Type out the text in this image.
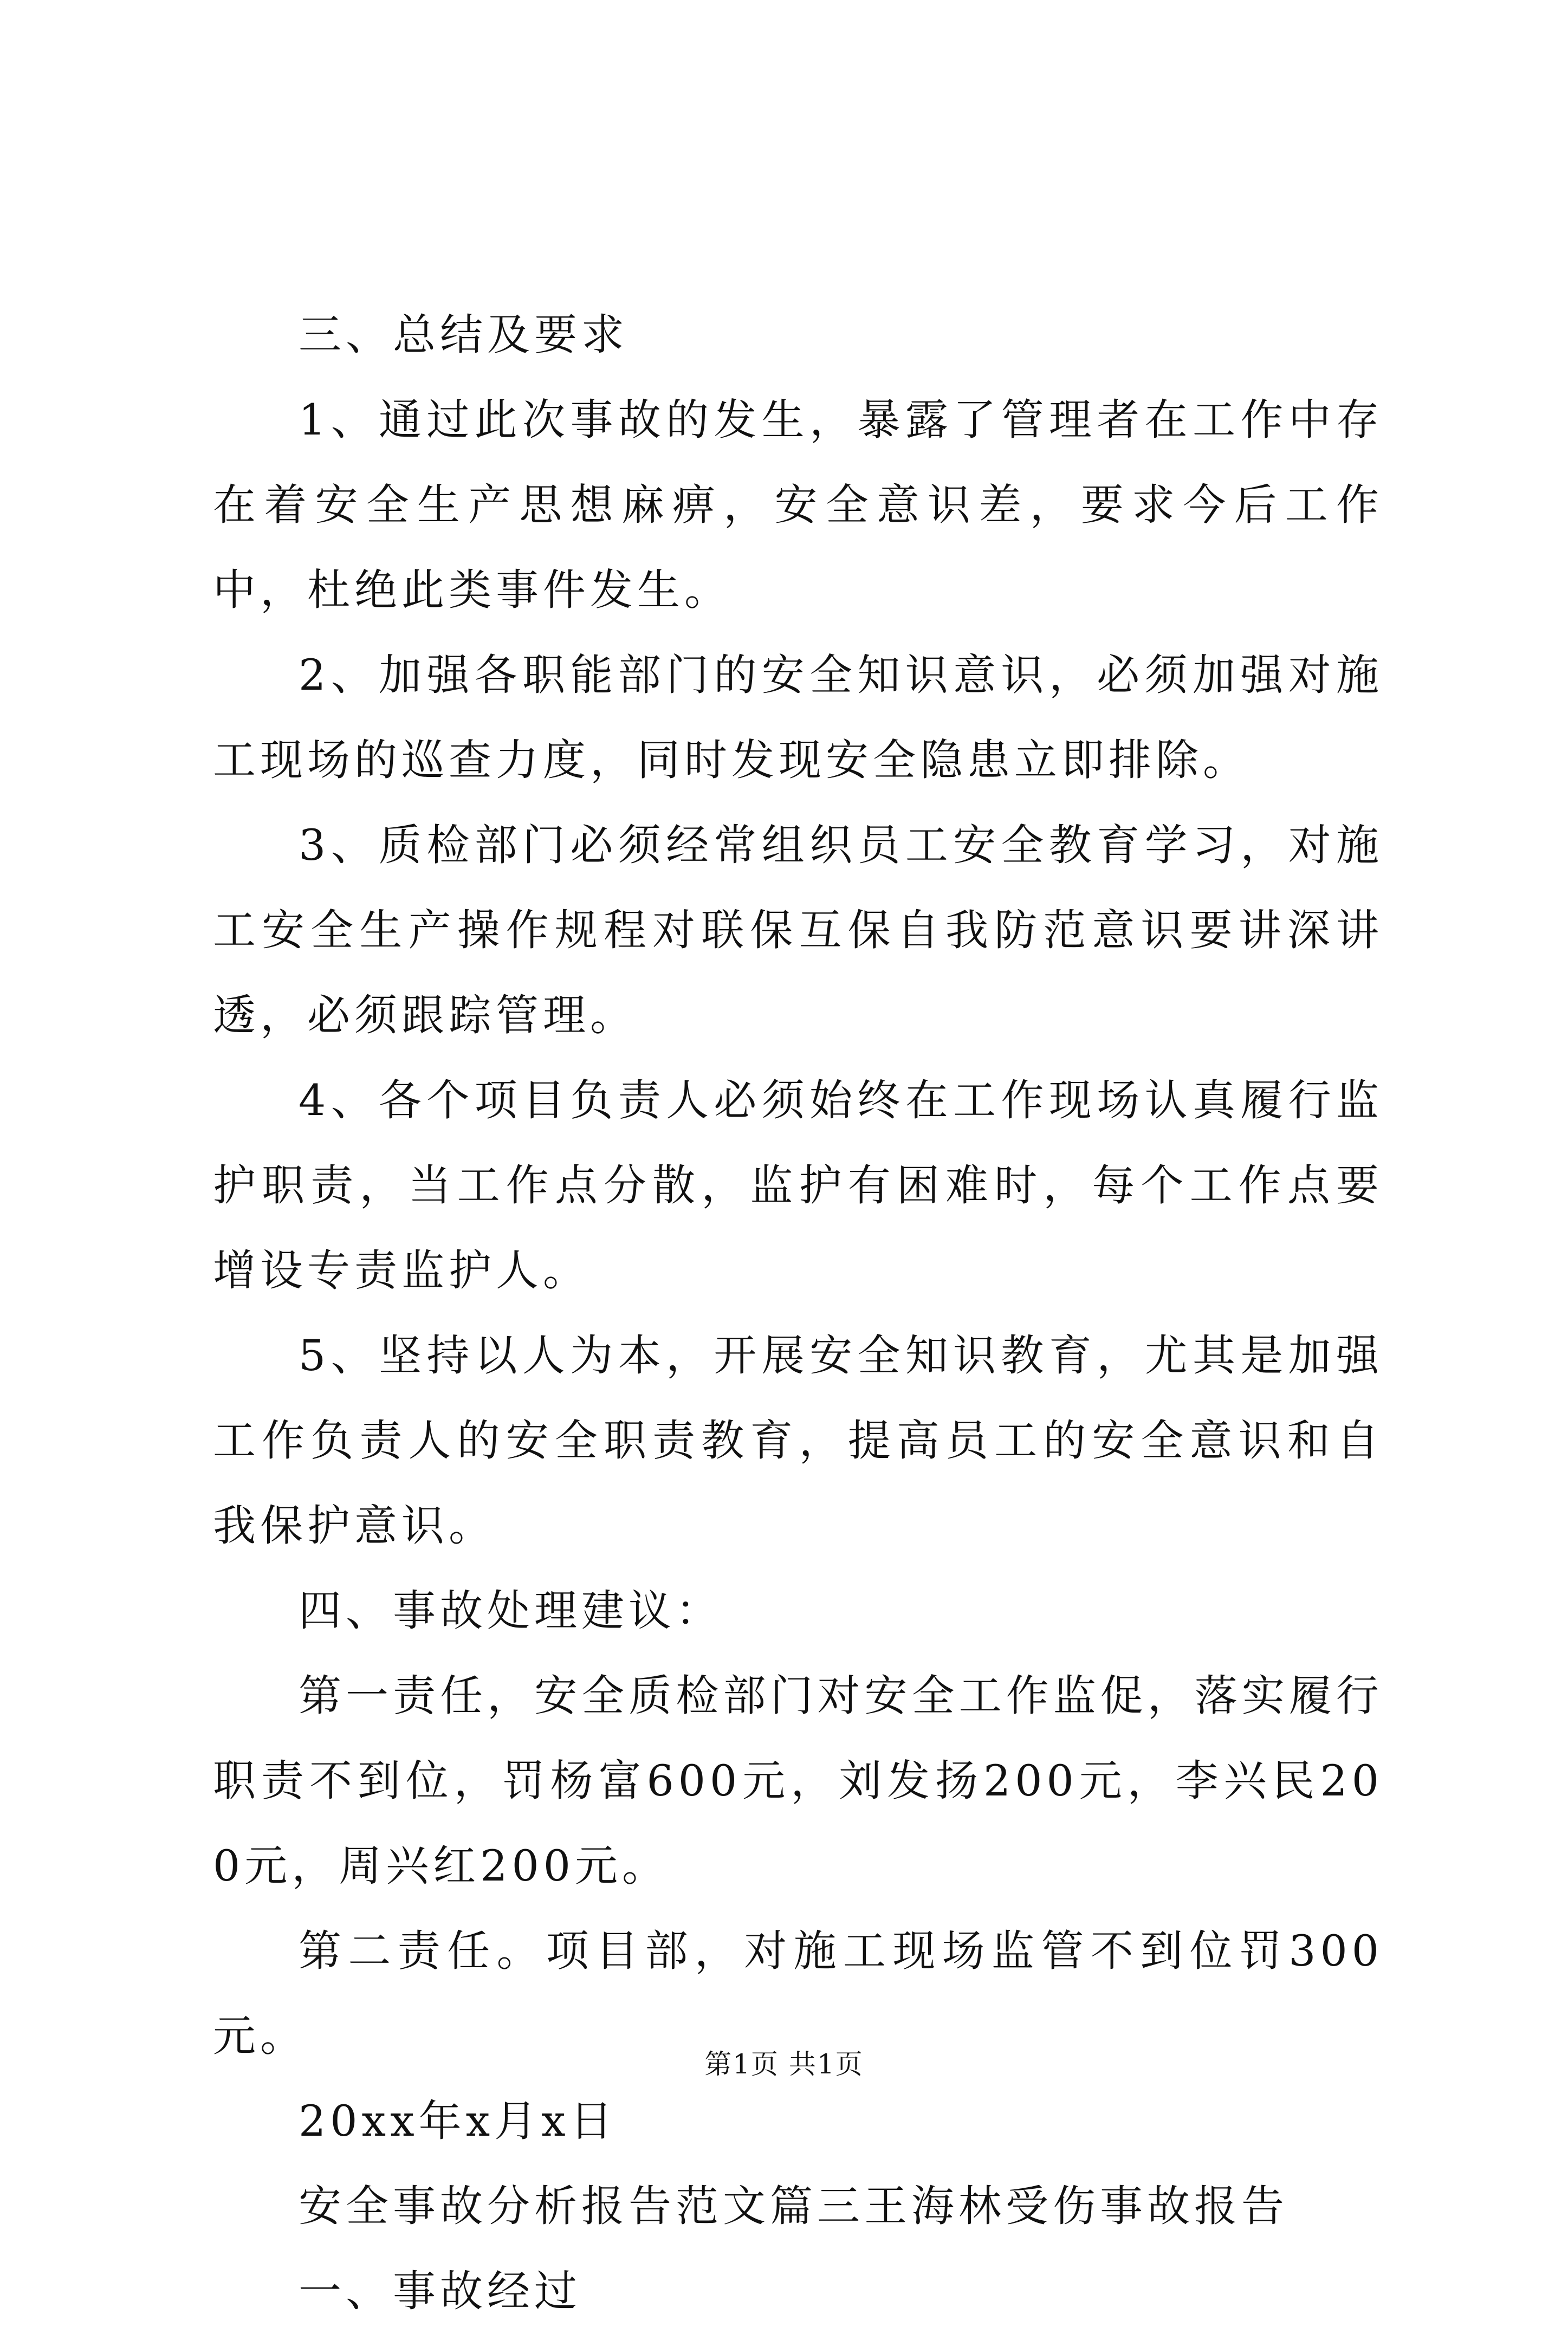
三、总结及要求

1、通过此次事故的发生，暴露了管理者在工作中存在着安全生产思想麻痹，安全意识差，要求今后工作中，杜绝此类事件发生。

2、加强各职能部门的安全知识意识，必须加强对施工现场的巡查力度，同时发现安全隐患立即排除。

3、质检部门必须经常组织员工安全教育学习，对施工安全生产操作规程对联保互保自我防范意识要讲深讲透，必须跟踪管理。

4、各个项目负责人必须始终在工作现场认真履行监护职责，当工作点分散，监护有困难时，每个工作点要增设专责监护人。

5、坚持以人为本，开展安全知识教育，尤其是加强工作负责人的安全职责教育，提高员工的安全意识和自我保护意识。

四、事故处理建议：

第一责任，安全质检部门对安全工作监促，落实履行职责不到位，罚杨富600元，刘发扬200元，李兴民200元，周兴红200元。

第二责任。项目部，对施工现场监管不到位罚300元。

20xx年x月x日

安全事故分析报告范文篇三王海林受伤事故报告

一、事故经过

第1页 共1页
